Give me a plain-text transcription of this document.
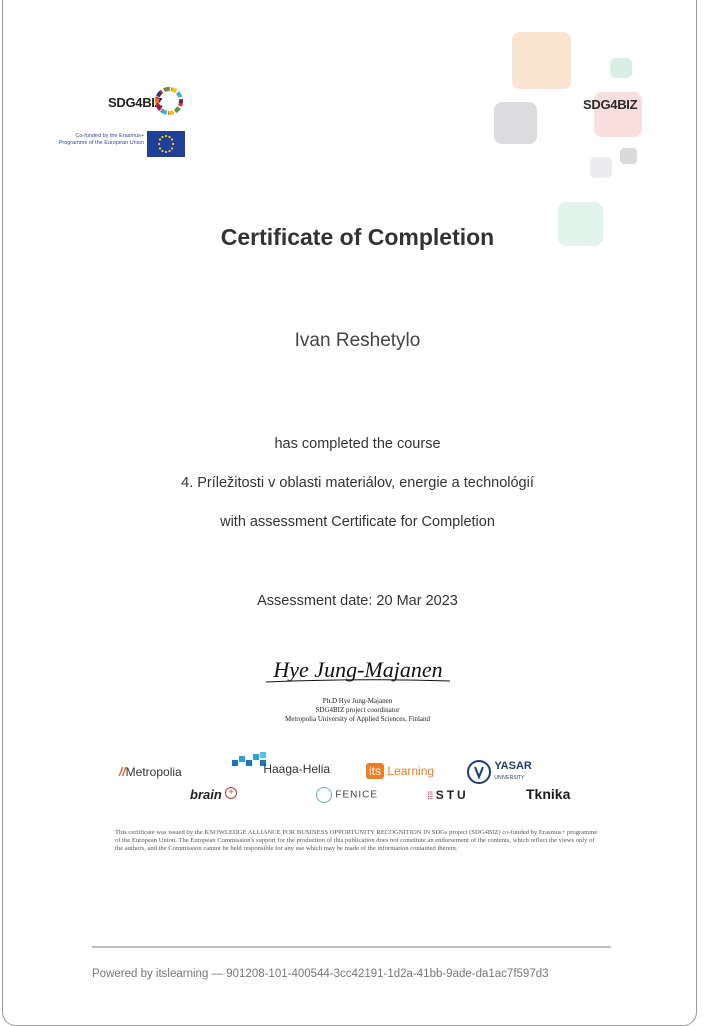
SDG4BIZ
Co-funded by the Erasmus+ Programme of the European Union
SDG4BIZ
Certificate of Completion
Ivan Reshetylo
has completed the course
4. Príležitosti v oblasti materiálov, energie a technológií
with assessment Certificate for Completion
Assessment date: 20 Mar 2023
Hye Jung-Majanen
Ph.D Hye Jung-Majanen
SDG4BIZ project coordinator
Metropolia University of Applied Sciences, Finland
//Metropolia	Haaga-Helia	its Learning	YASAR
UNIVERSITY
brain +	FENICE	⁞⁞⁞ STU	Tknika
This certificate was issued by the KNOWLEDGE ALLIANCE FOR BUSINESS OPPORTUNITY RECOGNITION IN SDGs project (SDG4BIZ) co-funded by Erasmus+ programme of the European Union. The European Commission's support for the production of this publication does not constitute an endorsement of the contents, which reflect the views only of the authors, and the Commission cannot be held responsible for any use which may be made of the information contained therein.
Powered by itslearning — 901208-101-400544-3cc42191-1d2a-41bb-9ade-da1ac7f597d3
